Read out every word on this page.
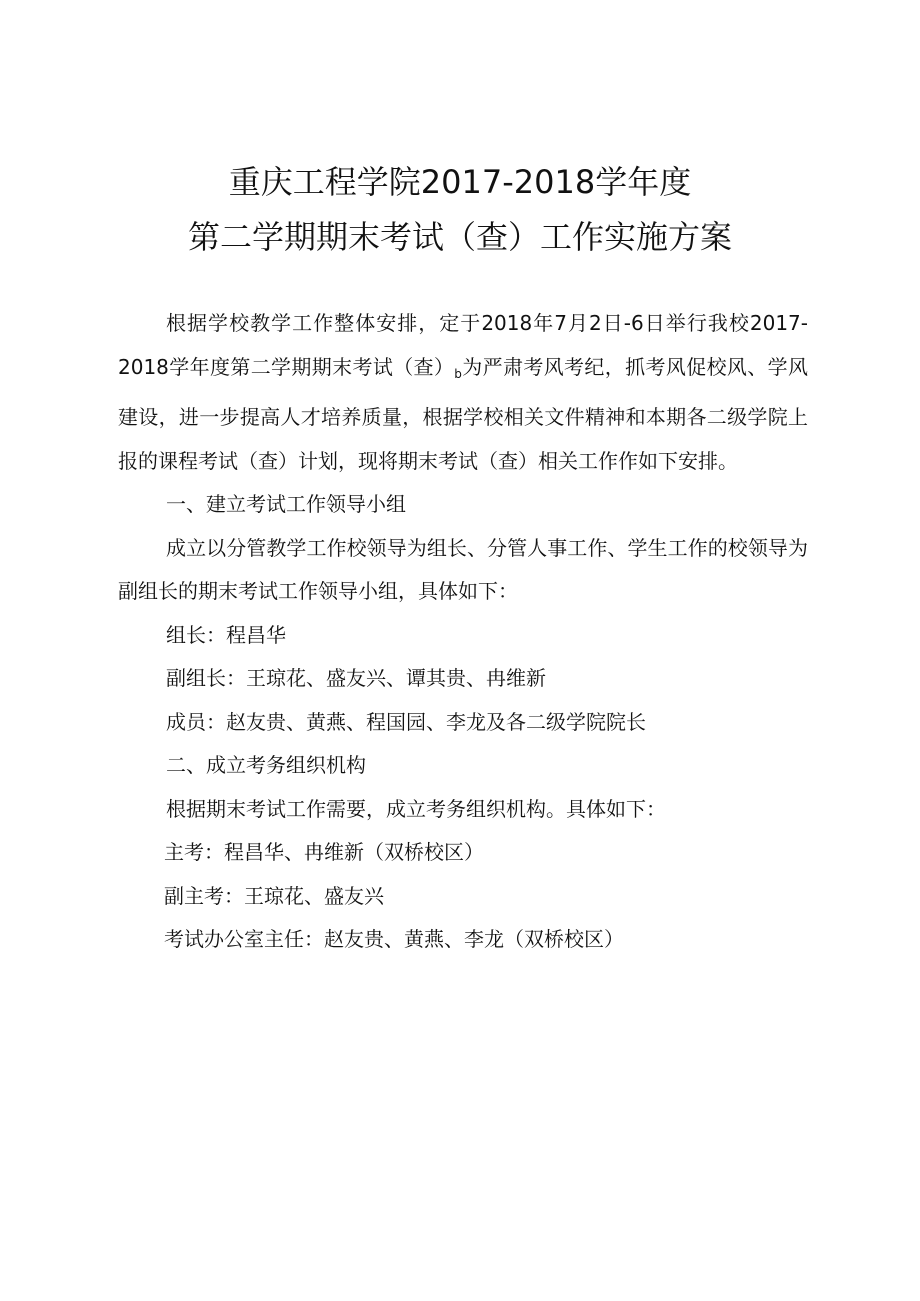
重庆工程学院2017-2018学年度
第二学期期末考试（查）工作实施方案

根据学校教学工作整体安排，定于2018年7月2日-6日举行我校2017-2018学年度第二学期期末考试（查）$_b$为严肃考风考纪，抓考风促校风、学风建设，进一步提高人才培养质量，根据学校相关文件精神和本期各二级学院上报的课程考试（查）计划，现将期末考试（查）相关工作作如下安排。

一、建立考试工作领导小组

成立以分管教学工作校领导为组长、分管人事工作、学生工作的校领导为副组长的期末考试工作领导小组，具体如下：

组长：程昌华

副组长：王琼花、盛友兴、谭其贵、冉维新

成员：赵友贵、黄燕、程国园、李龙及各二级学院院长

二、成立考务组织机构

根据期末考试工作需要，成立考务组织机构。具体如下：

主考：程昌华、冉维新（双桥校区）

副主考：王琼花、盛友兴

考试办公室主任：赵友贵、黄燕、李龙（双桥校区）
